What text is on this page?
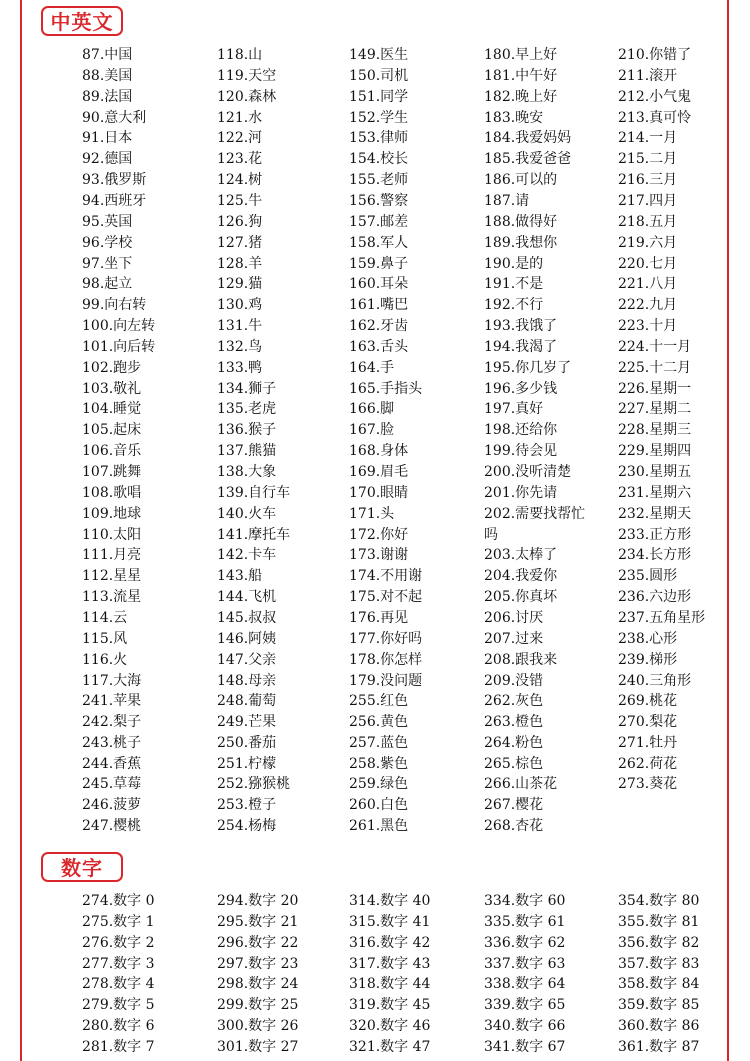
中英文
87.中国
88.美国
89.法国
90.意大利
91.日本
92.德国
93.俄罗斯
94.西班牙
95.英国
96.学校
97.坐下
98.起立
99.向右转
100.向左转
101.向后转
102.跑步
103.敬礼
104.睡觉
105.起床
106.音乐
107.跳舞
108.歌唱
109.地球
110.太阳
111.月亮
112.星星
113.流星
114.云
115.风
116.火
117.大海
118.山
119.天空
120.森林
121.水
122.河
123.花
124.树
125.牛
126.狗
127.猪
128.羊
129.猫
130.鸡
131.牛
132.鸟
133.鸭
134.狮子
135.老虎
136.猴子
137.熊猫
138.大象
139.自行车
140.火车
141.摩托车
142.卡车
143.船
144.飞机
145.叔叔
146.阿姨
147.父亲
148.母亲
149.医生
150.司机
151.同学
152.学生
153.律师
154.校长
155.老师
156.警察
157.邮差
158.军人
159.鼻子
160.耳朵
161.嘴巴
162.牙齿
163.舌头
164.手
165.手指头
166.脚
167.脸
168.身体
169.眉毛
170.眼睛
171.头
172.你好
173.谢谢
174.不用谢
175.对不起
176.再见
177.你好吗
178.你怎样
179.没问题
180.早上好
181.中午好
182.晚上好
183.晚安
184.我爱妈妈
185.我爱爸爸
186.可以的
187.请
188.做得好
189.我想你
190.是的
191.不是
192.不行
193.我饿了
194.我渴了
195.你几岁了
196.多少钱
197.真好
198.还给你
199.待会见
200.没听清楚
201.你先请
202.需要找帮忙吗
203.太棒了
204.我爱你
205.你真坏
206.讨厌
207.过来
208.跟我来
209.没错
210.你错了
211.滚开
212.小气鬼
213.真可怜
214.一月
215.二月
216.三月
217.四月
218.五月
219.六月
220.七月
221.八月
222.九月
223.十月
224.十一月
225.十二月
226.星期一
227.星期二
228.星期三
229.星期四
230.星期五
231.星期六
232.星期天
233.正方形
234.长方形
235.圆形
236.六边形
237.五角星形
238.心形
239.梯形
240.三角形
241.苹果
242.梨子
243.桃子
244.香蕉
245.草莓
246.菠萝
247.樱桃
248.葡萄
249.芒果
250.番茄
251.柠檬
252.猕猴桃
253.橙子
254.杨梅
255.红色
256.黄色
257.蓝色
258.紫色
259.绿色
260.白色
261.黑色
262.灰色
263.橙色
264.粉色
265.棕色
266.山茶花
267.樱花
268.杏花
269.桃花
270.梨花
271.牡丹
262.荷花
273.葵花
数字
274.数字 0
275.数字 1
276.数字 2
277.数字 3
278.数字 4
279.数字 5
280.数字 6
281.数字 7
294.数字 20
295.数字 21
296.数字 22
297.数字 23
298.数字 24
299.数字 25
300.数字 26
301.数字 27
314.数字 40
315.数字 41
316.数字 42
317.数字 43
318.数字 44
319.数字 45
320.数字 46
321.数字 47
334.数字 60
335.数字 61
336.数字 62
337.数字 63
338.数字 64
339.数字 65
340.数字 66
341.数字 67
354.数字 80
355.数字 81
356.数字 82
357.数字 83
358.数字 84
359.数字 85
360.数字 86
361.数字 87
